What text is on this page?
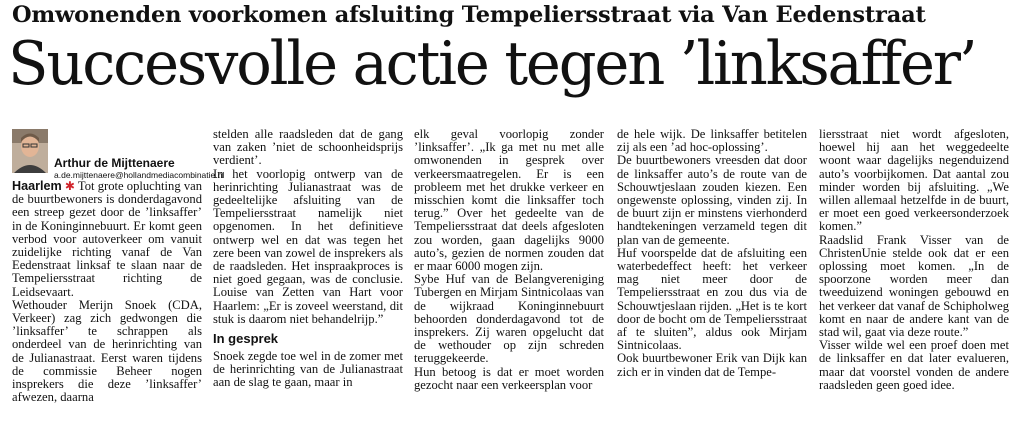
Omwonenden voorkomen afsluiting Tempeliersstraat via Van Eedenstraat
Succesvolle actie tegen ’linksaffer’
Arthur de Mijttenaere
a.de.mijttenaere@hollandmediacombinatie.nl

Haarlem ✱ Tot grote opluchting van de buurtbewoners is donderdagavond een streep gezet door de ’linksaffer’ in de Koninginnebuurt. Er komt geen verbod voor autoverkeer om vanuit zuidelijke richting vanaf de Van Eedenstraat linksaf te slaan naar de Tempeliersstraat richting de Leidsevaart.

Wethouder Merijn Snoek (CDA, Verkeer) zag zich gedwongen die ’linksaffer’ te schrappen als onderdeel van de herinrichting van de Julianastraat. Eerst waren tijdens de commissie Beheer nogen insprekers die deze ’linksaffer’ afwezen, daarna

stelden alle raadsleden dat de gang van zaken ’niet de schoonheidsprijs verdient’.

In het voorlopig ontwerp van de herinrichting Julianastraat was de gedeeltelijke afsluiting van de Tempeliersstraat namelijk niet opgenomen. In het definitieve ontwerp wel en dat was tegen het zere been van zowel de insprekers als de raadsleden. Het inspraakproces is niet goed gegaan, was de conclusie. Louise van Zetten van Hart voor Haarlem: „Er is zoveel weerstand, dit stuk is daarom niet behandelrijp.”

In gesprek

Snoek zegde toe wel in de zomer met de herinrichting van de Julianastraat aan de slag te gaan, maar in

elk geval voorlopig zonder ’linksaffer’. „Ik ga met nu met alle omwonenden in gesprek over verkeersmaatregelen. Er is een probleem met het drukke verkeer en misschien komt die linksaffer toch terug.” Over het gedeelte van de Tempeliersstraat dat deels afgesloten zou worden, gaan dagelijks 9000 auto’s, gezien de normen zouden dat er maar 6000 mogen zijn.

Sybe Huf van de Belangvereniging Tubergen en Mirjam Sintnicolaas van de wijkraad Koninginnebuurt behoorden donderdagavond tot de insprekers. Zij waren opgelucht dat de wethouder op zijn schreden teruggekeerde.

Hun betoog is dat er moet worden gezocht naar een verkeersplan voor

de hele wijk. De linksaffer betitelen zij als een ’ad hoc-oplossing’.

De buurtbewoners vreesden dat door de linksaffer auto’s de route van de Schouwtjeslaan zouden kiezen. Een ongewenste oplossing, vinden zij. In de buurt zijn er minstens vierhonderd handtekeningen verzameld tegen dit plan van de gemeente.

Huf voorspelde dat de afsluiting een waterbedeffect heeft: het verkeer mag niet meer door de Tempeliersstraat en zou dus via de Schouwtjeslaan rijden. „Het is te kort door de bocht om de Tempeliersstraat af te sluiten”, aldus ook Mirjam Sintnicolaas.

Ook buurtbewoner Erik van Dijk kan zich er in vinden dat de Tempe-

liersstraat niet wordt afgesloten, hoewel hij aan het weggedeelte woont waar dagelijks negenduizend auto’s voorbijkomen. Dat aantal zou minder worden bij afsluiting. „We willen allemaal hetzelfde in de buurt, er moet een goed verkeersonderzoek komen.”

Raadslid Frank Visser van de ChristenUnie stelde ook dat er een oplossing moet komen. „In de spoorzone worden meer dan tweeduizend woningen gebouwd en het verkeer dat vanaf de Schipholweg komt en naar de andere kant van de stad wil, gaat via deze route.”

Visser wilde wel een proef doen met de linksaffer en dat later evalueren, maar dat voorstel vonden de andere raadsleden geen goed idee.
